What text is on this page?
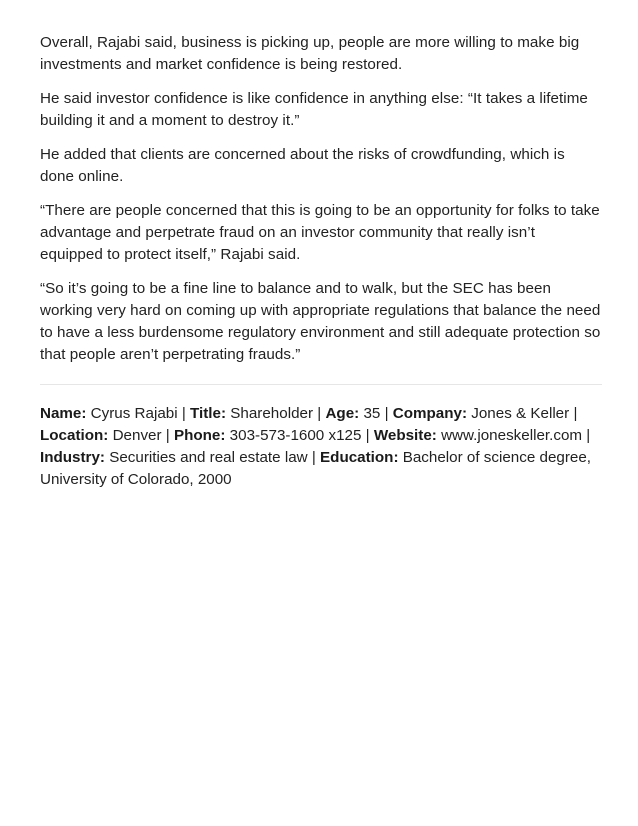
Overall, Rajabi said, business is picking up, people are more willing to make big investments and market confidence is being restored.

He said investor confidence is like confidence in anything else: “It takes a lifetime building it and a moment to destroy it.”

He added that clients are concerned about the risks of crowdfunding, which is done online.

“There are people concerned that this is going to be an opportunity for folks to take advantage and perpetrate fraud on an investor community that really isn’t equipped to protect itself,” Rajabi said.

“So it’s going to be a fine line to balance and to walk, but the SEC has been working very hard on coming up with appropriate regulations that balance the need to have a less burdensome regulatory environment and still adequate protection so that people aren’t perpetrating frauds.”

Name: Cyrus Rajabi | Title: Shareholder | Age: 35 | Company: Jones & Keller | Location: Denver | Phone: 303-573-1600 x125 | Website: www.joneskeller.com | Industry: Securities and real estate law | Education: Bachelor of science degree, University of Colorado, 2000
